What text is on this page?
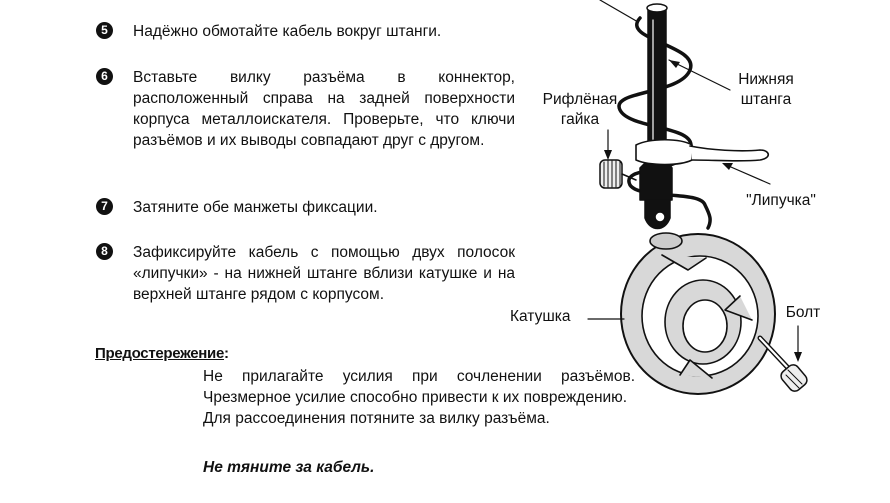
5	Надёжно обмотайте кабель вокруг штанги.
6	Вставьте вилку разъёма в коннектор, расположенный справа на задней поверхности корпуса металлоискателя. Проверьте, что ключи разъёмов и их выводы совпадают друг с другом.
7	Затяните обе манжеты фиксации.
8	Зафиксируйте кабель с помощью двух полосок «липучки» - на нижней штанге вблизи катушке и на верхней штанге рядом с корпусом.
Предостережение:

Не прилагайте усилия при сочленении разъёмов. Чрезмерное усилие способно привести к их повреждению.

Для рассоединения потяните за вилку разъёма.

Не тяните за кабель.
Нижняя
штанга
Рифлёная
гайка
"Липучка"
Катушка	Болт
